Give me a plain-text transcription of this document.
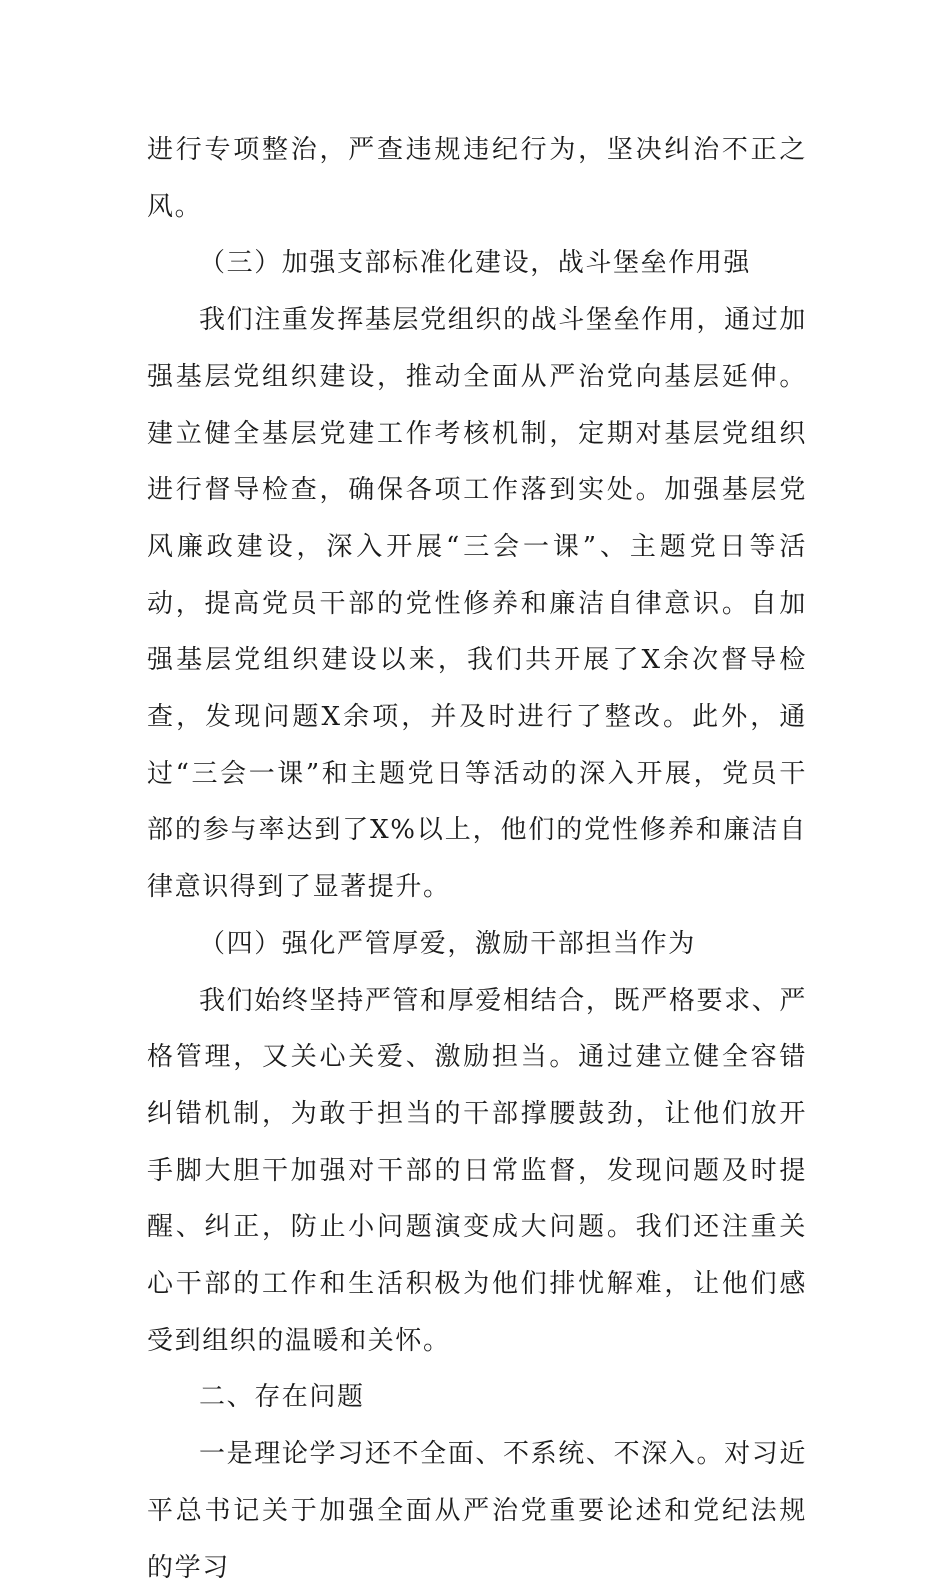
进行专项整治，严查违规违纪行为，坚决纠治不正之风。

（三）加强支部标准化建设，战斗堡垒作用强

我们注重发挥基层党组织的战斗堡垒作用，通过加强基层党组织建设，推动全面从严治党向基层延伸。建立健全基层党建工作考核机制，定期对基层党组织进行督导检查，确保各项工作落到实处。加强基层党风廉政建设，深入开展“三会一课”、主题党日等活动，提高党员干部的党性修养和廉洁自律意识。自加强基层党组织建设以来，我们共开展了X余次督导检查，发现问题X余项，并及时进行了整改。此外，通过“三会一课”和主题党日等活动的深入开展，党员干部的参与率达到了X%以上，他们的党性修养和廉洁自律意识得到了显著提升。

（四）强化严管厚爱，激励干部担当作为

我们始终坚持严管和厚爱相结合，既严格要求、严格管理，又关心关爱、激励担当。通过建立健全容错纠错机制，为敢于担当的干部撑腰鼓劲，让他们放开手脚大胆干加强对干部的日常监督，发现问题及时提醒、纠正，防止小问题演变成大问题。我们还注重关心干部的工作和生活积极为他们排忧解难，让他们感受到组织的温暖和关怀。

二、存在问题

一是理论学习还不全面、不系统、不深入。对习近平总书记关于加强全面从严治党重要论述和党纪法规的学习
